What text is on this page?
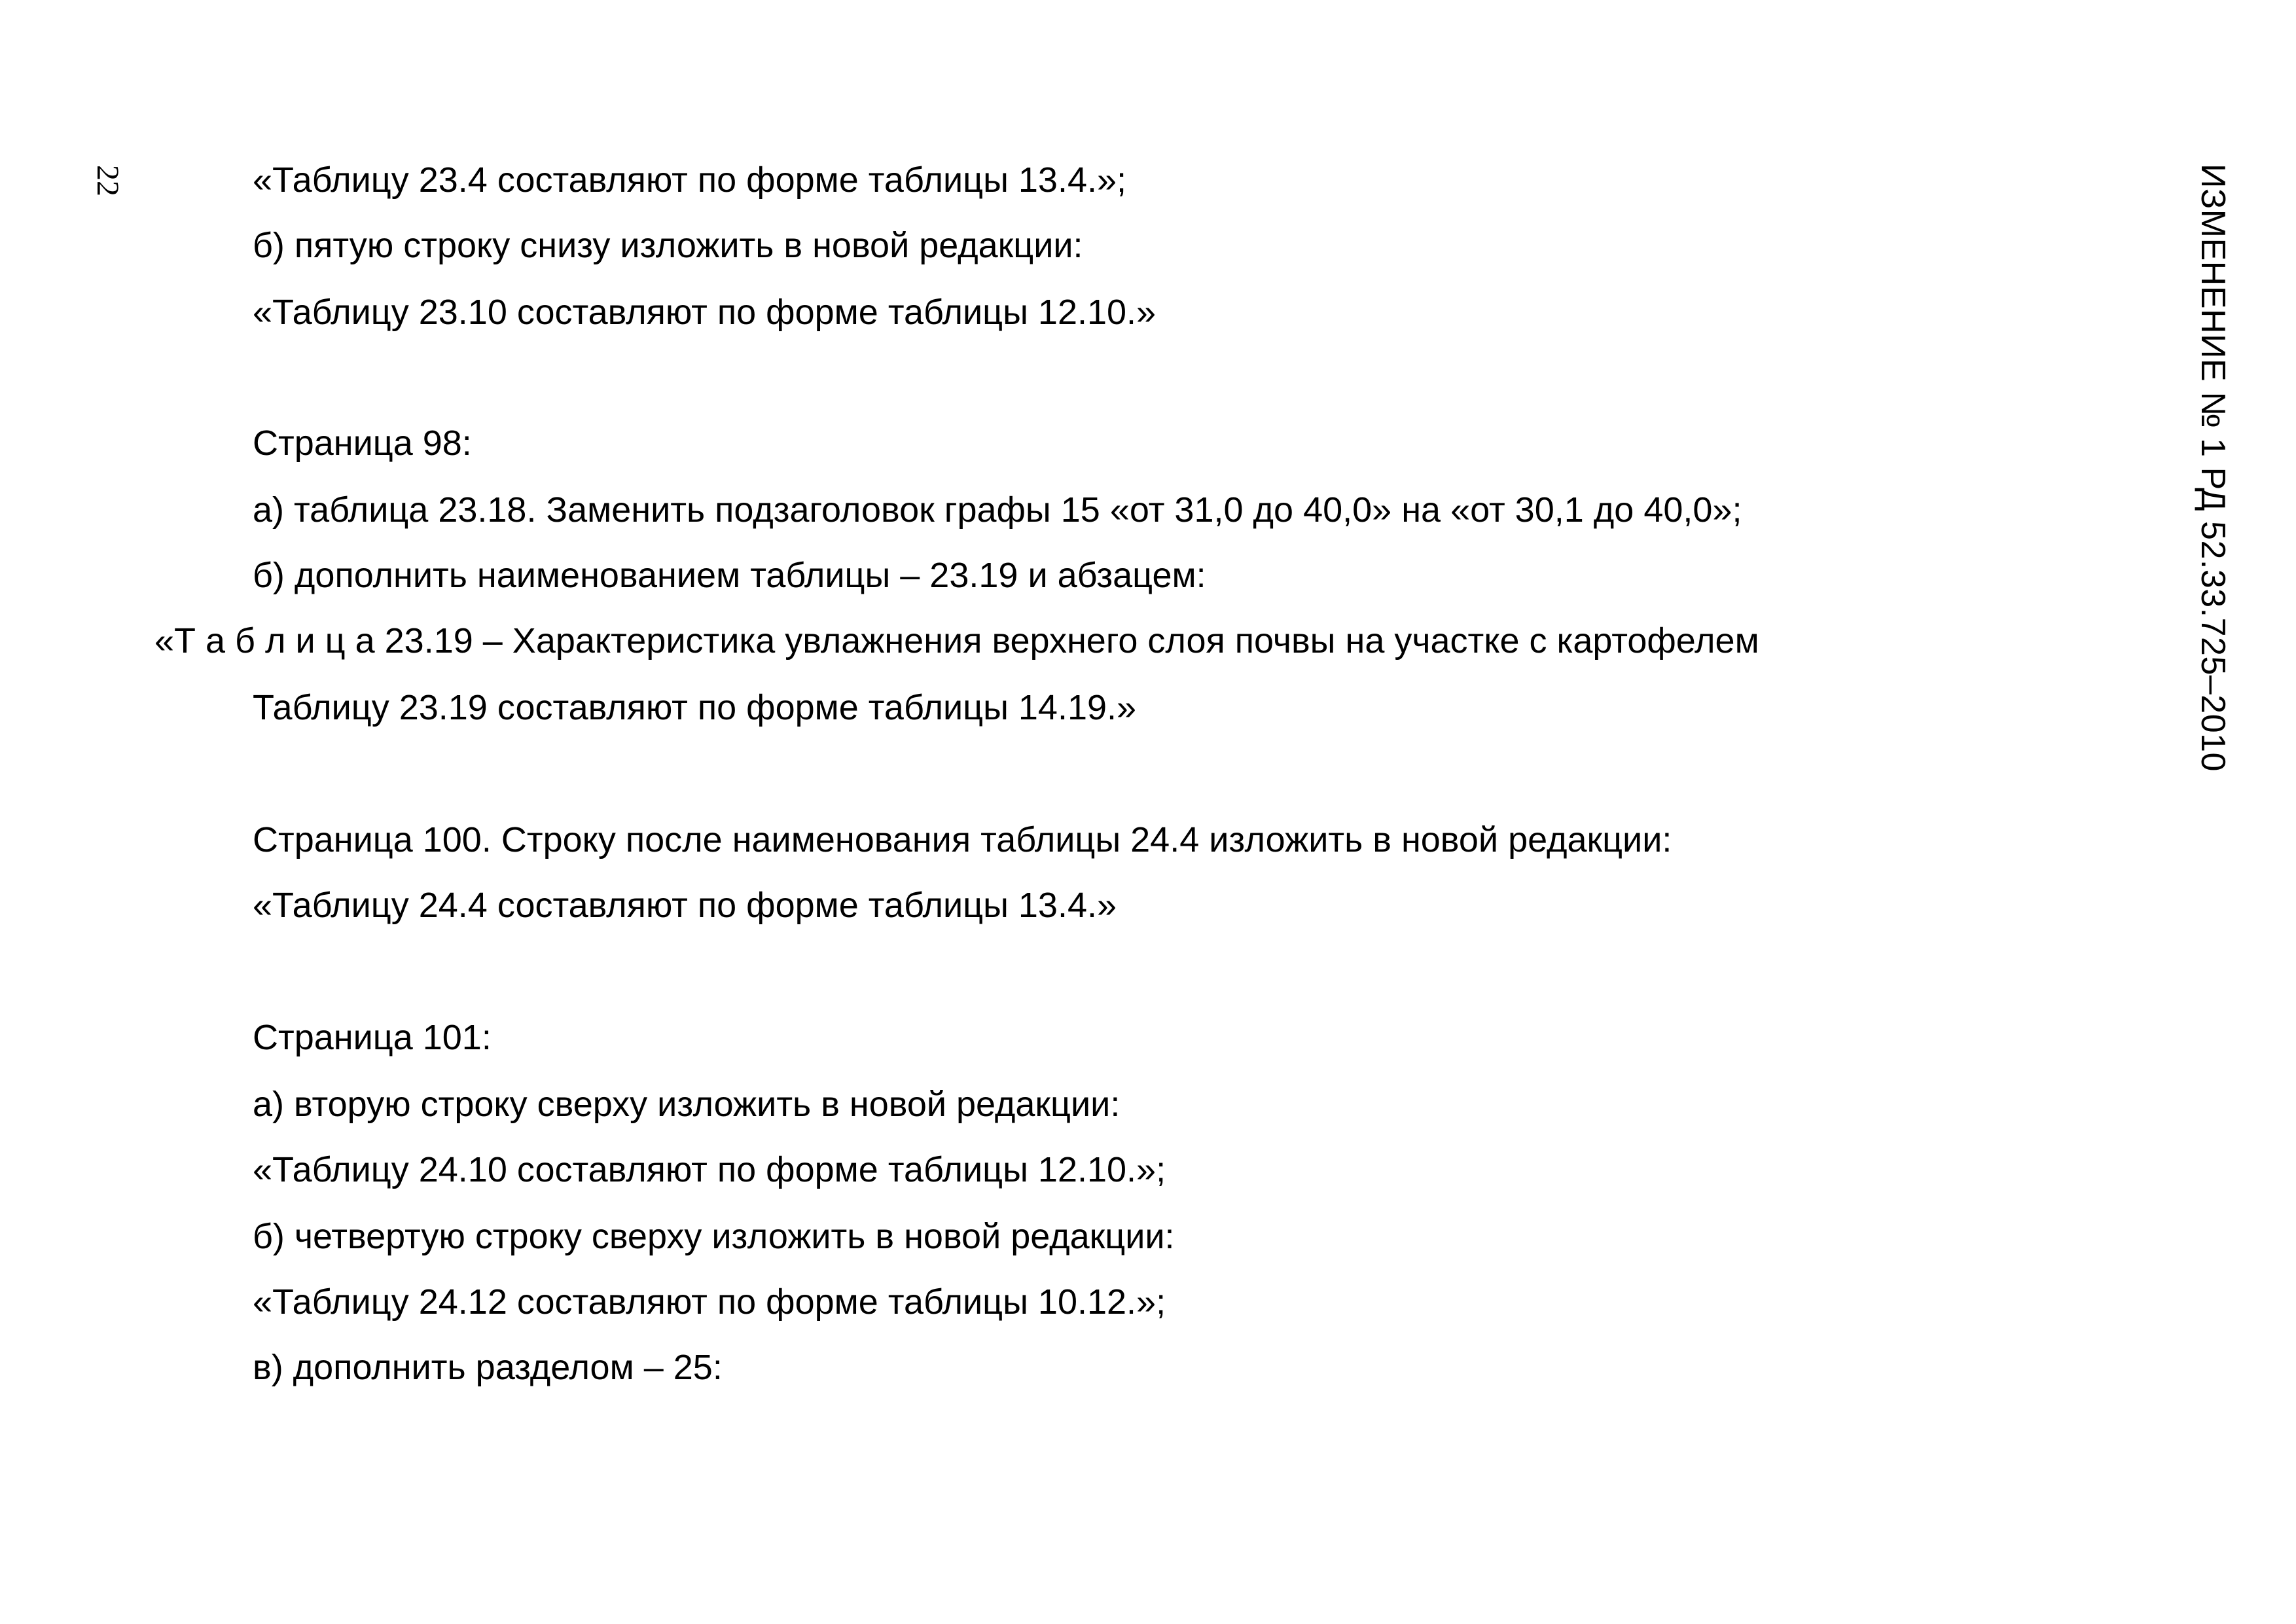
22	ИЗМЕНЕНИЕ № 1 РД 52.33.725–2010
«Таблицу 23.4 составляют по форме таблицы 13.4.»;
б) пятую строку снизу изложить в новой редакции:
«Таблицу 23.10 составляют по форме таблицы 12.10.»
Страница 98:
а) таблица 23.18. Заменить подзаголовок графы 15 «от 31,0 до 40,0» на «от 30,1 до 40,0»;
б) дополнить наименованием таблицы – 23.19 и абзацем:
«Т а б л и ц а 23.19 – Характеристика увлажнения верхнего слоя почвы на участке с картофелем
Таблицу 23.19 составляют по форме таблицы 14.19.»
Страница 100. Строку после наименования таблицы 24.4 изложить в новой редакции:
«Таблицу 24.4 составляют по форме таблицы 13.4.»
Страница 101:
а) вторую строку сверху изложить в новой редакции:
«Таблицу 24.10 составляют по форме таблицы 12.10.»;
б) четвертую строку сверху изложить в новой редакции:
«Таблицу 24.12 составляют по форме таблицы 10.12.»;
в) дополнить разделом – 25:
